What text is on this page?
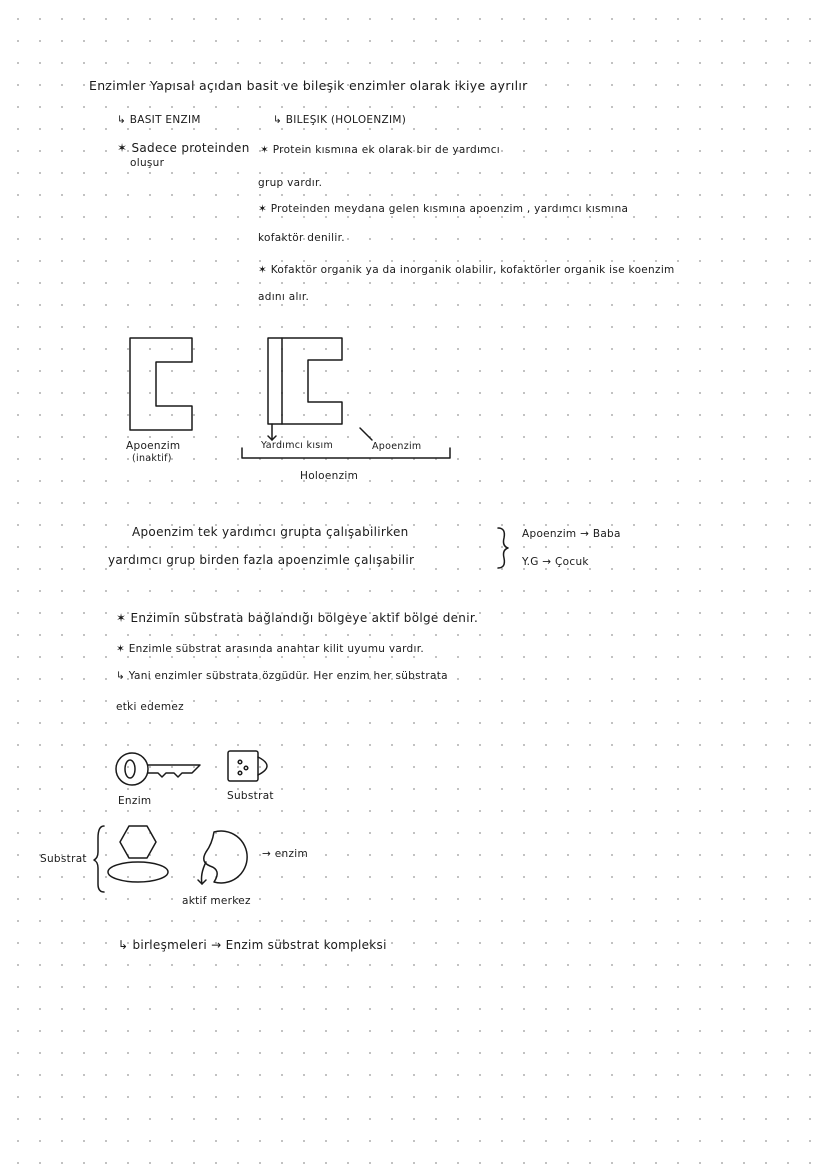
Enzimler Yapısal açıdan basit ve bileşik enzimler olarak ikiye ayrılır
↳ BASIT ENZIM
✶ Sadece proteinden
oluşur
↳ BILEŞIK (HOLOENZIM)
✶ Protein kısmına ek olarak bir de yardımcı
grup vardır.
✶ Proteinden meydana gelen kısmına apoenzim , yardımcı kısmına
kofaktör denilir.
✶ Kofaktör organik ya da inorganik olabilir, kofaktörler organik ise koenzim
adını alır.
Apoenzim
(inaktif)
Yardımcı kısım	Apoenzim
Holoenzim
Apoenzim tek yardımcı grupta çalışabilirken
yardımcı grup birden fazla apoenzimle çalışabilir
Apoenzim → Baba
Y.G → Çocuk
✶ Enzimin sübstrata bağlandığı bölgeye aktif bölge denir.
✶ Enzimle sübstrat arasında anahtar kilit uyumu vardır.
↳ Yani enzimler sübstrata özgüdür. Her enzim her sübstrata
etki edemez
Enzim	Substrat
Substrat	→ enzim
aktif merkez
↳ birleşmeleri → Enzim sübstrat kompleksi
